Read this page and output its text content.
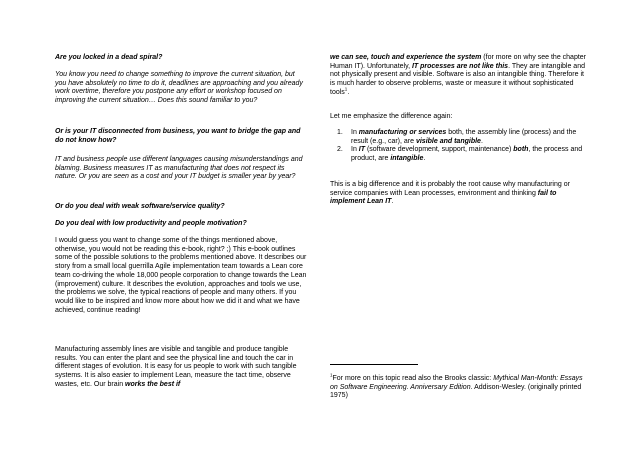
Are you locked in a dead spiral?

You know you need to change something to improve the current situation, but you have absolutely no time to do it, deadlines are approaching and you already work overtime, therefore you postpone any effort or workshop focused on improving the current situation… Does this sound familiar to you?

Or is your IT disconnected from business, you want to bridge the gap and do not know how?

IT and business people use different languages causing misunderstandings and blaming. Business measures IT as manufacturing that does not respect its nature. Or you are seen as a cost and your IT budget is smaller year by year?

Or do you deal with weak software/service quality?

Do you deal with low productivity and people motivation?

I would guess you want to change some of the things mentioned above, otherwise, you would not be reading this e-book, right? ;) This e-book outlines some of the possible solutions to the problems mentioned above. It describes our story from a small local guerrilla Agile implementation team towards a Lean core team co-driving the whole 18,000 people corporation to change towards the Lean (improvement) culture. It describes the evolution, approaches and tools we use, the problems we solve, the typical reactions of people and many others. If you would like to be inspired and know more about how we did it and what we have achieved, continue reading!

Manufacturing assembly lines are visible and tangible and produce tangible results. You can enter the plant and see the physical line and touch the car in different stages of evolution. It is easy for us people to work with such tangible systems. It is also easier to implement Lean, measure the tact time, observe wastes, etc. Our brain works the best if

we can see, touch and experience the system (for more on why see the chapter Human IT). Unfortunately, IT processes are not like this. They are intangible and not physically present and visible. Software is also an intangible thing. Therefore it is much harder to observe problems, waste or measure it without sophisticated tools$^1$.

Let me emphasize the difference again:

1. In manufacturing or services both, the assembly line (process) and the result (e.g., car), are visible and tangible.
2. In IT (software development, support, maintenance) both, the process and product, are intangible.

This is a big difference and it is probably the root cause why manufacturing or service companies with Lean processes, environment and thinking fail to implement Lean IT.

$^1$For more on this topic read also the Brooks classic: Mythical Man-Month: Essays on Software Engineering. Anniversary Edition. Addison-Wesley. (originally printed 1975)
